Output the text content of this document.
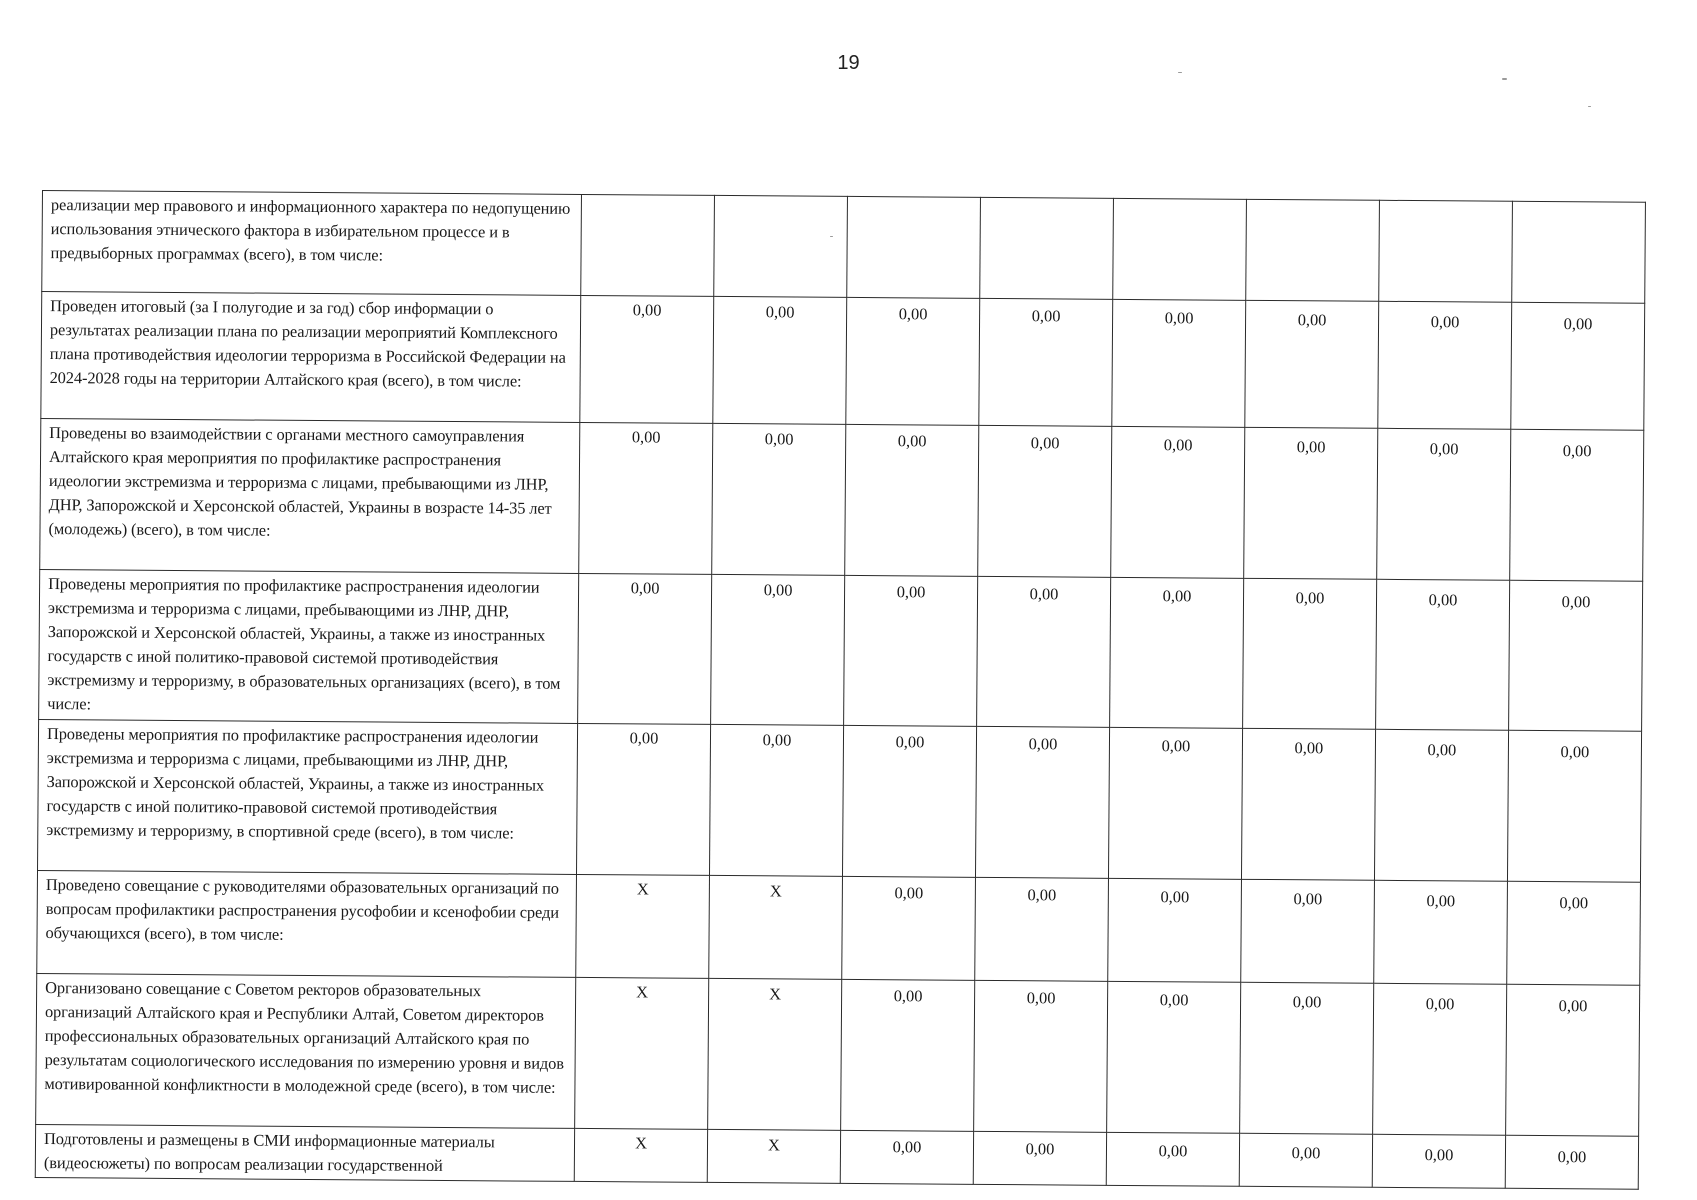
19
реализации мер правового и информационного характера по недопущению использования этнического фактора в избирательном процессе и в предвыборных программах (всего), в том числе:								
Проведен итоговый (за I полугодие и за год) сбор информации о результатах реализации плана по реализации мероприятий Комплексного плана противодействия идеологии терроризма в Российской Федерации на 2024-2028 годы на территории Алтайского края (всего), в том числе:	0,00	0,00	0,00	0,00	0,00	0,00	0,00	0,00
Проведены во взаимодействии с органами местного самоуправления Алтайского края мероприятия по профилактике распространения идеологии экстремизма и терроризма с лицами, пребывающими из ЛНР, ДНР, Запорожской и Херсонской областей, Украины в возрасте 14-35 лет (молодежь) (всего), в том числе:	0,00	0,00	0,00	0,00	0,00	0,00	0,00	0,00
Проведены мероприятия по профилактике распространения идеологии экстремизма и терроризма с лицами, пребывающими из ЛНР, ДНР, Запорожской и Херсонской областей, Украины, а также из иностранных государств с иной политико-правовой системой противодействия экстремизму и терроризму, в образовательных организациях (всего), в том числе:	0,00	0,00	0,00	0,00	0,00	0,00	0,00	0,00
Проведены мероприятия по профилактике распространения идеологии экстремизма и терроризма с лицами, пребывающими из ЛНР, ДНР, Запорожской и Херсонской областей, Украины, а также из иностранных государств с иной политико-правовой системой противодействия экстремизму и терроризму, в спортивной среде (всего), в том числе:	0,00	0,00	0,00	0,00	0,00	0,00	0,00	0,00
Проведено совещание с руководителями образовательных организаций по вопросам профилактики распространения русофобии и ксенофобии среди обучающихся (всего), в том числе:	X	X	0,00	0,00	0,00	0,00	0,00	0,00
Организовано совещание с Советом ректоров образовательных организаций Алтайского края и Республики Алтай, Советом директоров профессиональных образовательных организаций Алтайского края по результатам социологического исследования по измерению уровня и видов мотивированной конфликтности в молодежной среде (всего), в том числе:	X	X	0,00	0,00	0,00	0,00	0,00	0,00
Подготовлены и размещены в СМИ информационные материалы (видеосюжеты) по вопросам реализации государственной	X	X	0,00	0,00	0,00	0,00	0,00	0,00
